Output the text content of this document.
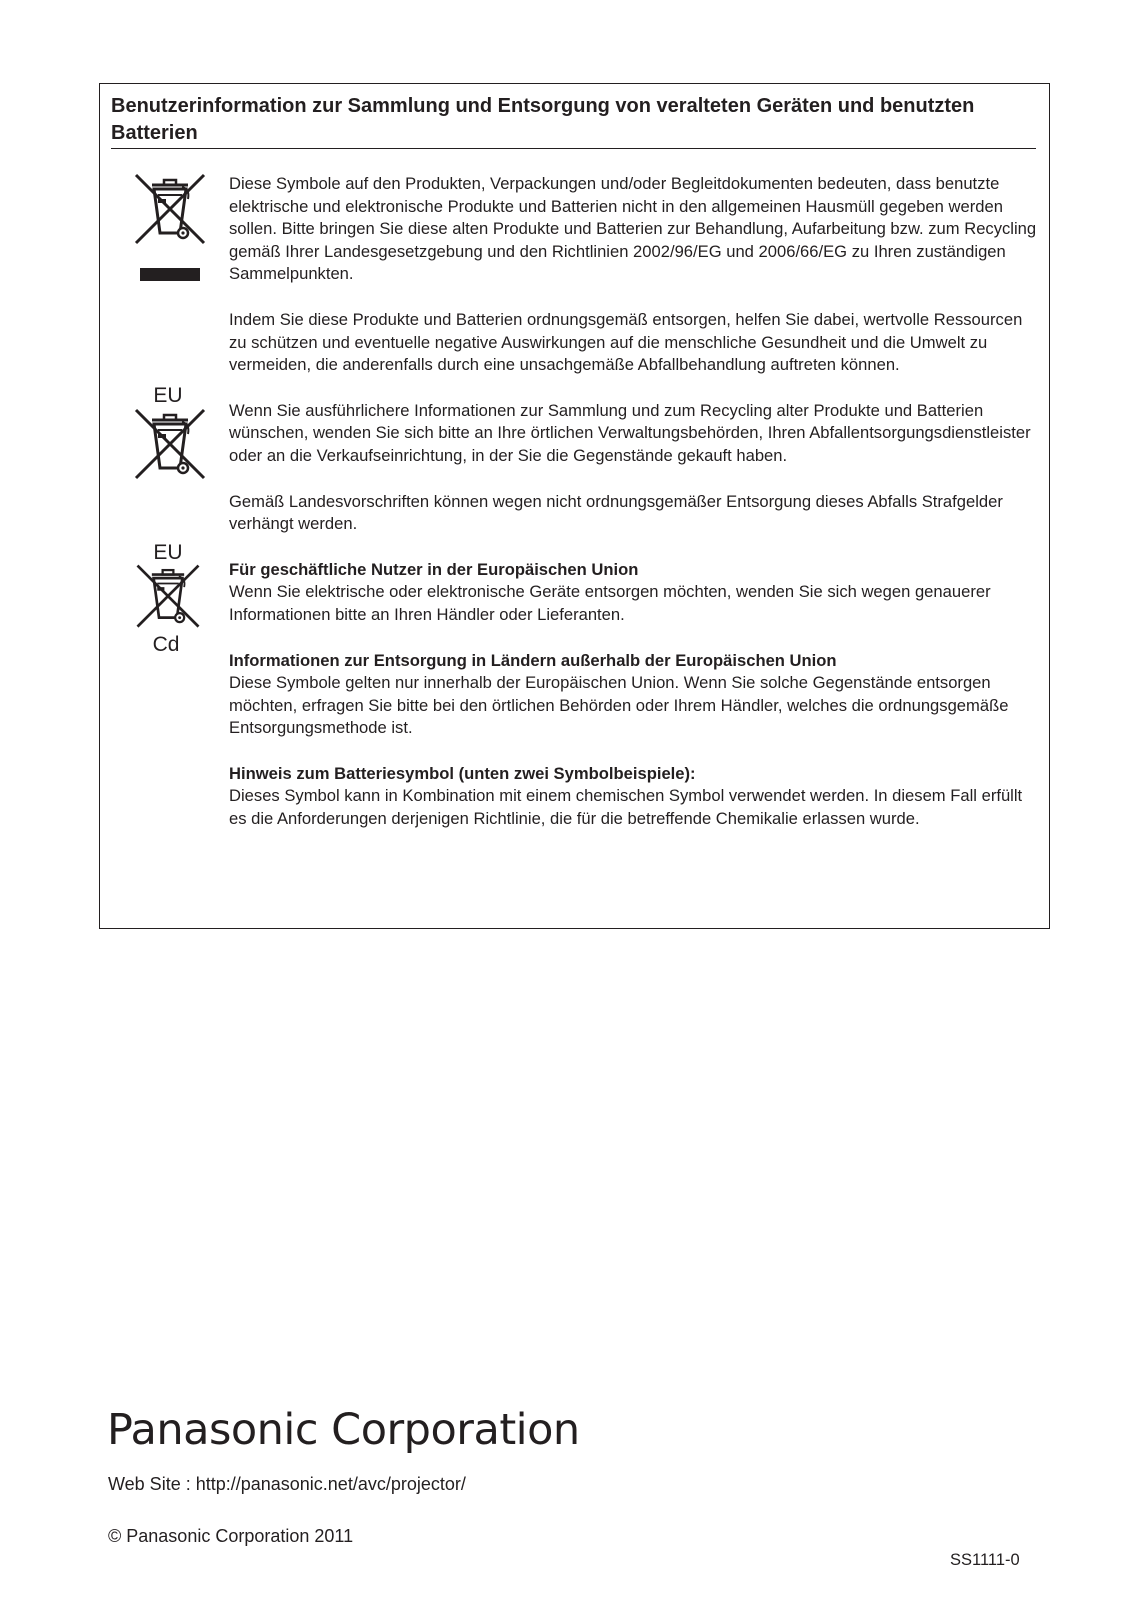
Benutzerinformation zur Sammlung und Entsorgung von veralteten Geräten und benutzten Batterien
EU
EU
Cd

Diese Symbole auf den Produkten, Verpackungen und/oder Begleitdokumenten bedeuten, dass benutzte elektrische und elektronische Produkte und Batterien nicht in den allgemeinen Hausmüll gegeben werden sollen. Bitte bringen Sie diese alten Produkte und Batterien zur Behandlung, Aufarbeitung bzw. zum Recycling gemäß Ihrer Landesgesetzgebung und den Richtlinien 2002/96/EG und 2006/66/EG zu Ihren zuständigen Sammelpunkten.

Indem Sie diese Produkte und Batterien ordnungsgemäß entsorgen, helfen Sie dabei, wertvolle Ressourcen zu schützen und eventuelle negative Auswirkungen auf die menschliche Gesundheit und die Umwelt zu vermeiden, die anderenfalls durch eine unsachgemäße Abfallbehandlung auftreten können.

Wenn Sie ausführlichere Informationen zur Sammlung und zum Recycling alter Produkte und Batterien wünschen, wenden Sie sich bitte an Ihre örtlichen Verwaltungsbehörden, Ihren Abfallentsorgungsdienstleister oder an die Verkaufseinrichtung, in der Sie die Gegenstände gekauft haben.

Gemäß Landesvorschriften können wegen nicht ordnungsgemäßer Entsorgung dieses Abfalls Strafgelder verhängt werden.

Für geschäftliche Nutzer in der Europäischen Union
Wenn Sie elektrische oder elektronische Geräte entsorgen möchten, wenden Sie sich wegen genauerer Informationen bitte an Ihren Händler oder Lieferanten.

Informationen zur Entsorgung in Ländern außerhalb der Europäischen Union
Diese Symbole gelten nur innerhalb der Europäischen Union. Wenn Sie solche Gegenstände entsorgen möchten, erfragen Sie bitte bei den örtlichen Behörden oder Ihrem Händler, welches die ordnungsgemäße Entsorgungsmethode ist.

Hinweis zum Batteriesymbol (unten zwei Symbolbeispiele):
Dieses Symbol kann in Kombination mit einem chemischen Symbol verwendet werden. In diesem Fall erfüllt es die Anforderungen derjenigen Richtlinie, die für die betreffende Chemikalie erlassen wurde.

Panasonic Corporation
Web Site : http://panasonic.net/avc/projector/
© Panasonic Corporation 2011
SS1111-0
